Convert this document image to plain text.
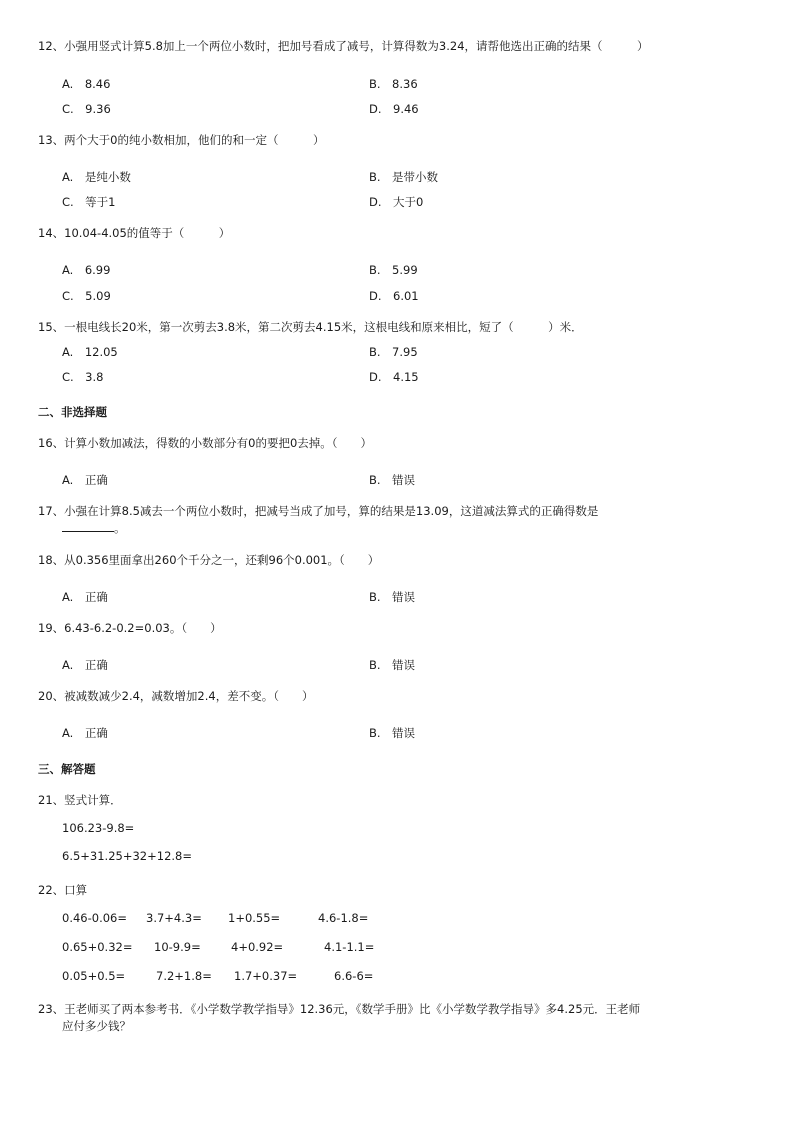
12、小强用竖式计算5.8加上一个两位小数时，把加号看成了减号，计算得数为3.24，请帮他选出正确的结果（　　　）
A.　8.46	B.　8.36
C.　9.36	D.　9.46
13、两个大于0的纯小数相加，他们的和一定（　　　）
A.　是纯小数	B.　是带小数
C.　等于1	D.　大于0
14、10.04-4.05的值等于（　　　）
A.　6.99	B.　5.99
C.　5.09	D.　6.01
15、一根电线长20米，第一次剪去3.8米，第二次剪去4.15米，这根电线和原来相比，短了（　　　）米．
A.　12.05	B.　7.95
C.　3.8	D.　4.15
二、非选择题
16、计算小数加减法，得数的小数部分有0的要把0去掉。（　　）
A.　正确	B.　错误
17、小强在计算8.5减去一个两位小数时，把减号当成了加号，算的结果是13.09，这道减法算式的正确得数是
。
18、从0.356里面拿出260个千分之一，还剩96个0.001。（　　）
A.　正确	B.　错误
19、6.43-6.2-0.2=0.03。（　　）
A.　正确	B.　错误
20、被减数减少2.4，减数增加2.4，差不变。（　　）
A.　正确	B.　错误
三、解答题
21、竖式计算．
106.23-9.8=
6.5+31.25+32+12.8=
22、口算
0.46-0.06= 3.7+4.3= 1+0.55=	4.6-1.8=
0.65+0.32= 10-9.9=	4+0.92=	4.1-1.1=
0.05+0.5=	7.2+1.8= 1.7+0.37=	6.6-6=
23、王老师买了两本参考书．《小学数学教学指导》12.36元，《数学手册》比《小学数学教学指导》多4.25元．王老师
应付多少钱？
